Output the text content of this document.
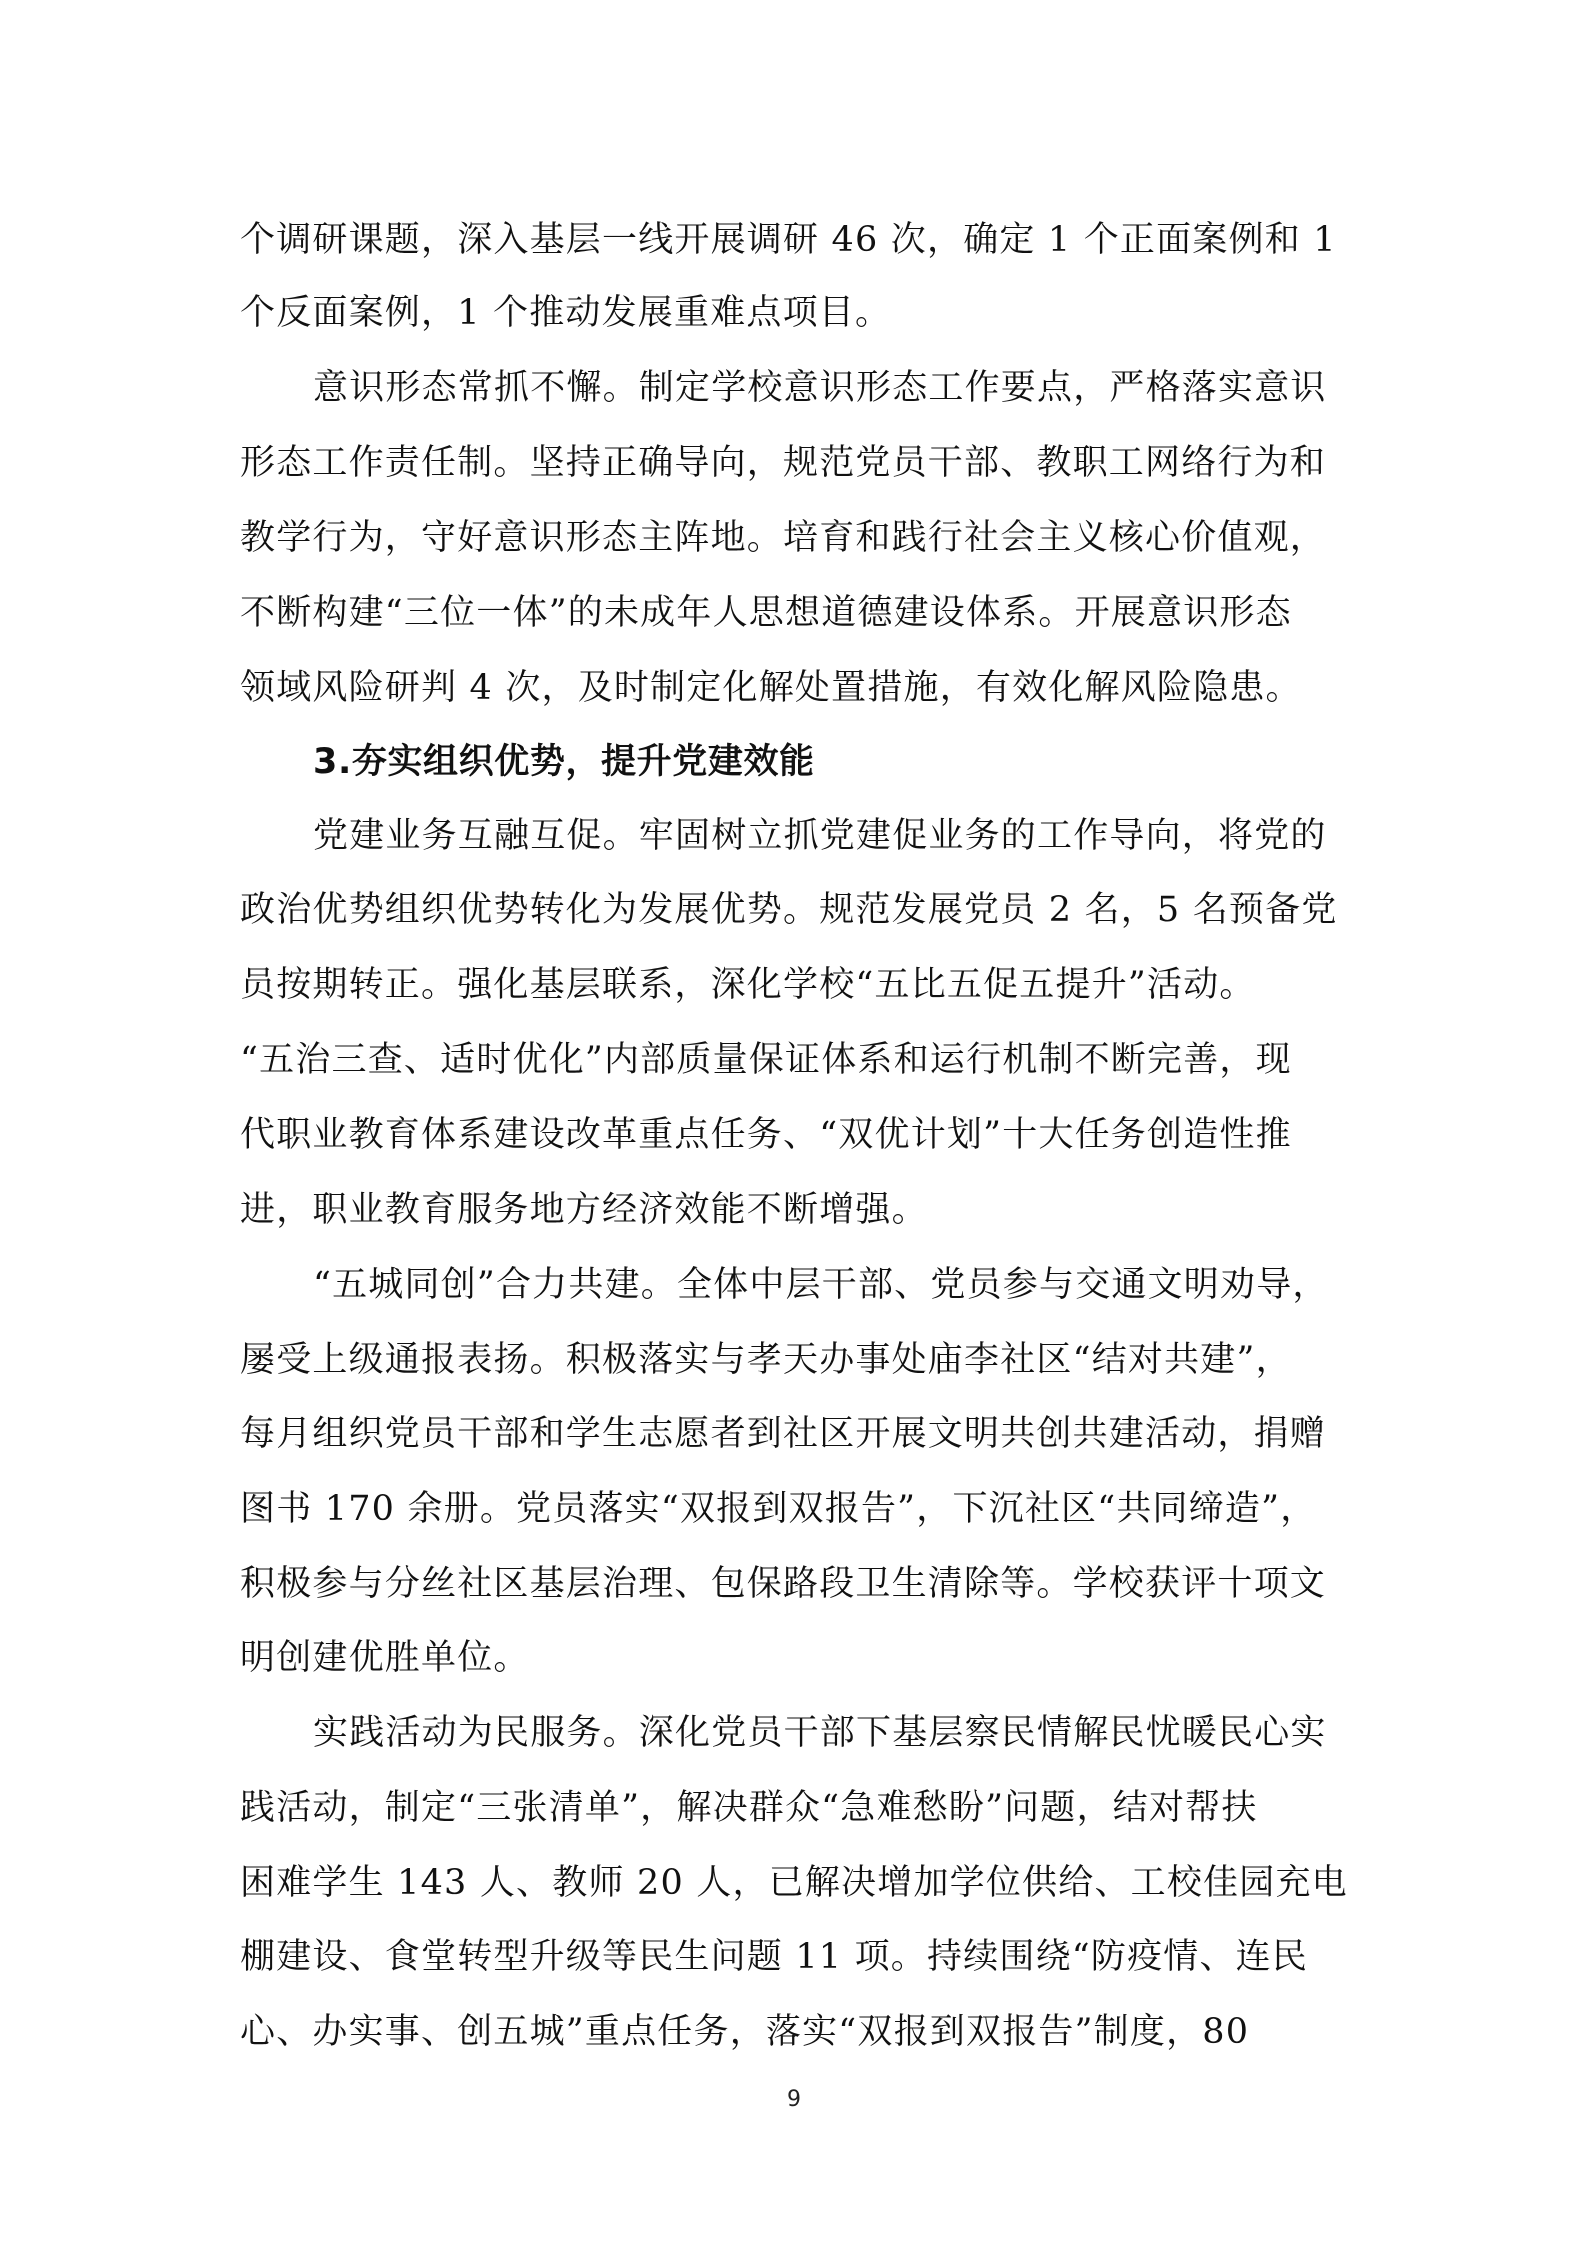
个调研课题，深入基层一线开展调研 46 次，确定 1 个正面案例和 1
个反面案例，1 个推动发展重难点项目。
意识形态常抓不懈。制定学校意识形态工作要点，严格落实意识
形态工作责任制。坚持正确导向，规范党员干部、教职工网络行为和
教学行为，守好意识形态主阵地。培育和践行社会主义核心价值观，
不断构建“三位一体”的未成年人思想道德建设体系。开展意识形态
领域风险研判 4 次，及时制定化解处置措施，有效化解风险隐患。
3.夯实组织优势，提升党建效能
党建业务互融互促。牢固树立抓党建促业务的工作导向，将党的
政治优势组织优势转化为发展优势。规范发展党员 2 名，5 名预备党
员按期转正。强化基层联系，深化学校“五比五促五提升”活动。
“五治三查、适时优化”内部质量保证体系和运行机制不断完善，现
代职业教育体系建设改革重点任务、“双优计划”十大任务创造性推
进，职业教育服务地方经济效能不断增强。
“五城同创”合力共建。全体中层干部、党员参与交通文明劝导，
屡受上级通报表扬。积极落实与孝天办事处庙李社区“结对共建”，
每月组织党员干部和学生志愿者到社区开展文明共创共建活动，捐赠
图书 170 余册。党员落实“双报到双报告”，下沉社区“共同缔造”，
积极参与分丝社区基层治理、包保路段卫生清除等。学校获评十项文
明创建优胜单位。
实践活动为民服务。深化党员干部下基层察民情解民忧暖民心实
践活动，制定“三张清单”，解决群众“急难愁盼”问题，结对帮扶
困难学生 143 人、教师 20 人，已解决增加学位供给、工校佳园充电
棚建设、食堂转型升级等民生问题 11 项。持续围绕“防疫情、连民
心、办实事、创五城”重点任务，落实“双报到双报告”制度，80
9
